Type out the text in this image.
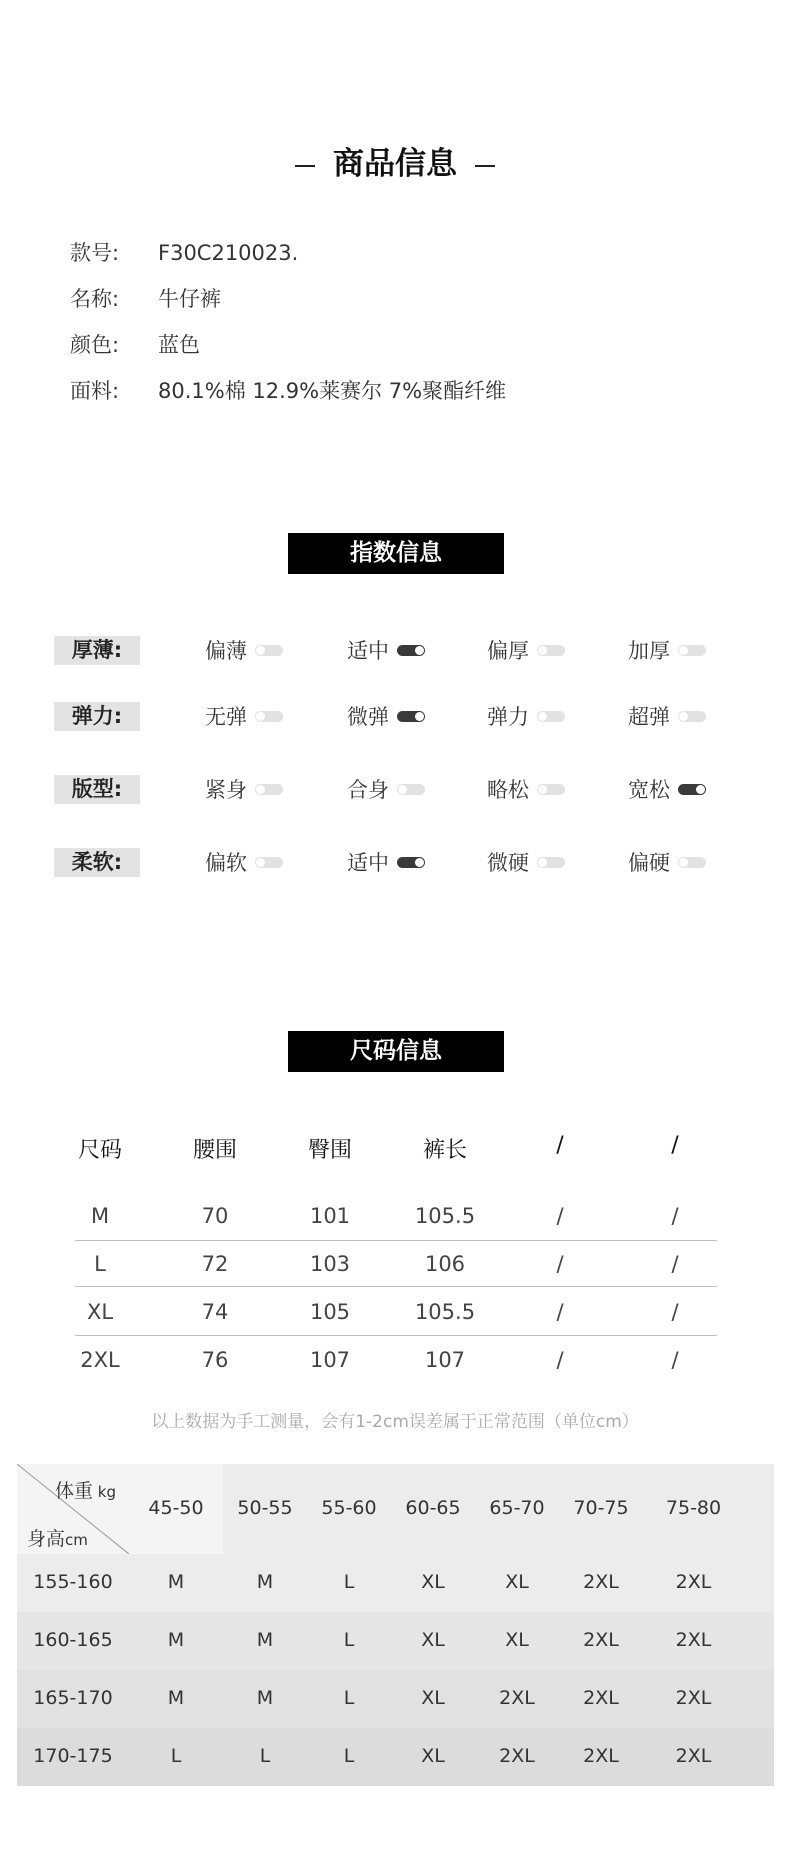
商品信息
款号: F30C210023.
名称: 牛仔裤
颜色: 蓝色
面料: 80.1%棉 12.9%莱赛尔 7%聚酯纤维
指数信息
厚薄:	偏薄	适中	偏厚	加厚
弹力:	无弹	微弹	弹力	超弹
版型:	紧身	合身	略松	宽松
柔软:	偏软	适中	微硬	偏硬
尺码信息
尺码	腰围	臀围	裤长	/	/
M	70	101	105.5	/	/
L	72	103	106	/	/
XL	74	105	105.5	/	/
2XL	76	107	107	/	/
以上数据为手工测量，会有1-2cm误差属于正常范围（单位cm）
体重 kg
身高cm
45-50	50-55	55-60	60-65	65-70	70-75	75-80
155-160	M	M	L	XL	XL	2XL	2XL
160-165	M	M	L	XL	XL	2XL	2XL
165-170	M	M	L	XL	2XL	2XL	2XL
170-175	L	L	L	XL	2XL	2XL	2XL
